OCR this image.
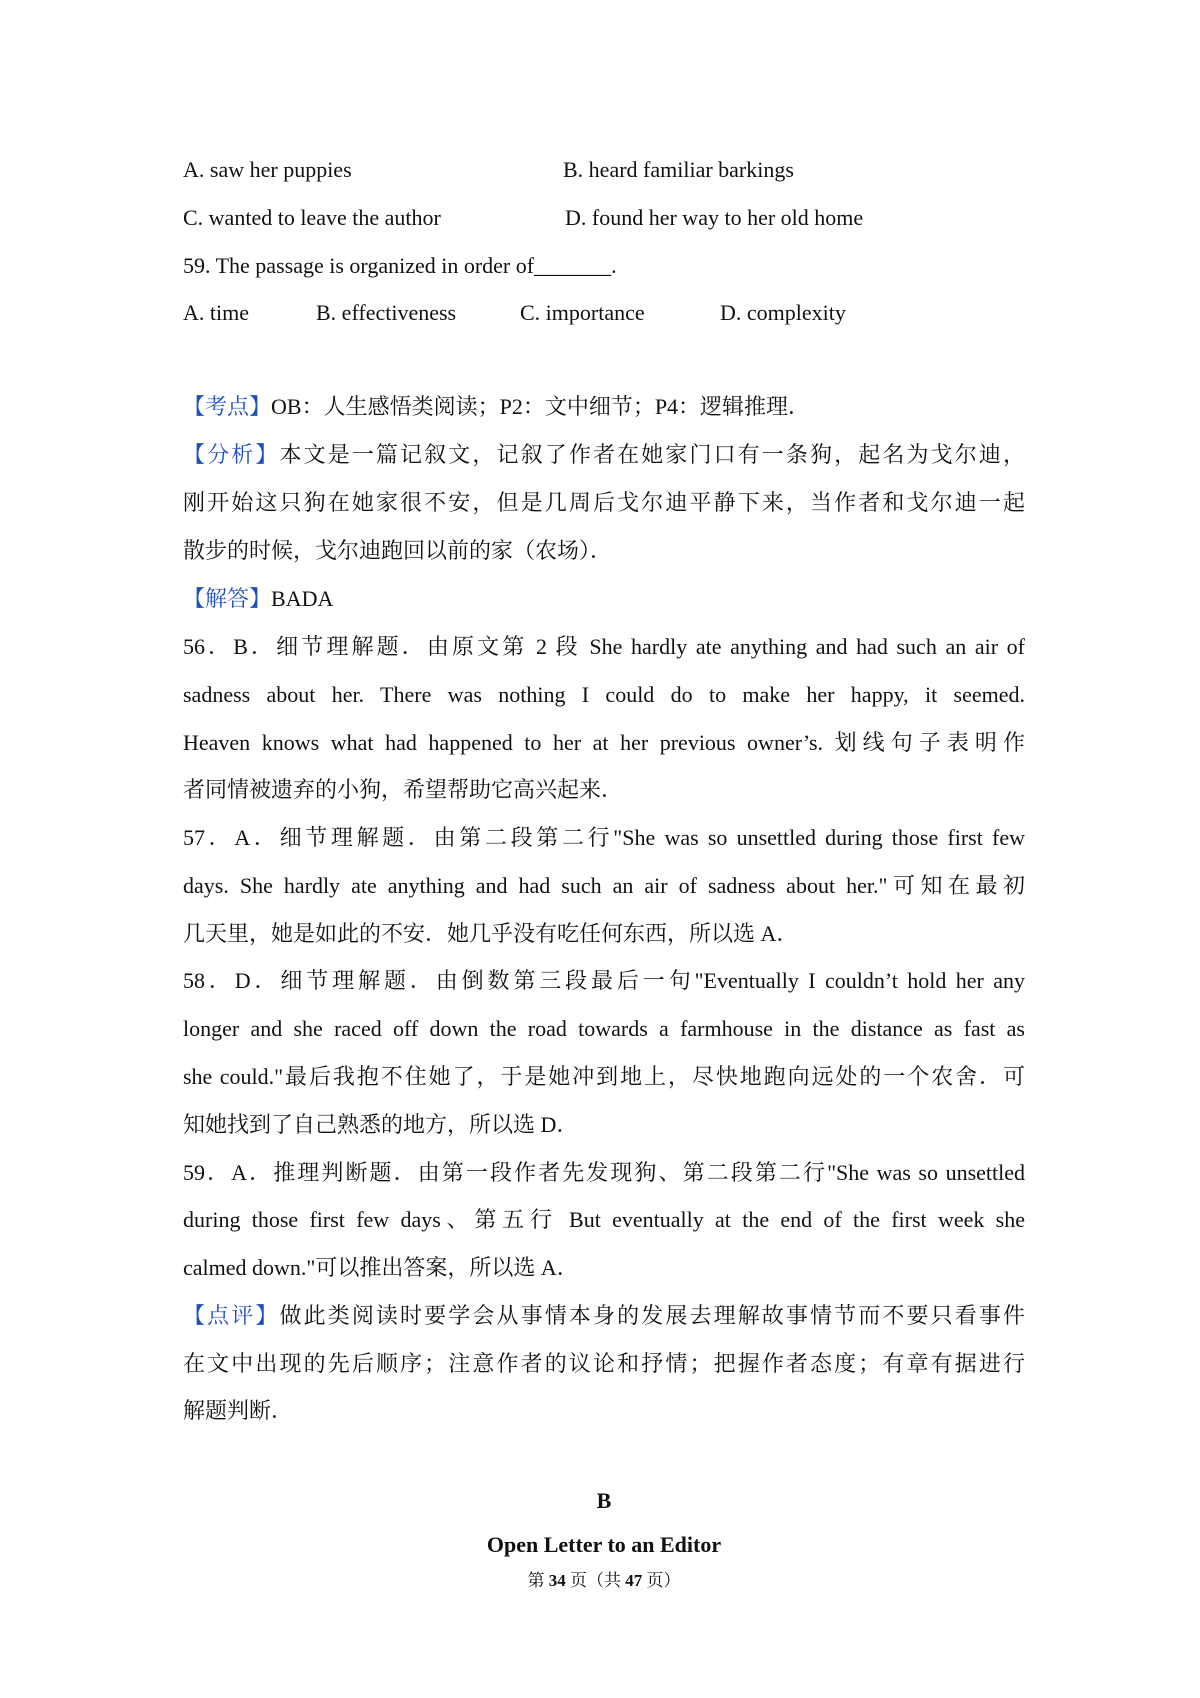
A. saw her puppies	B. heard familiar barkings
C. wanted to leave the author	D. found her way to her old home
59. The passage is organized in order of_______.
A. time	B. effectiveness	C. importance	D. complexity
【考点】OB：人生感悟类阅读；P2：文中细节；P4：逻辑推理．
【分析】本文是一篇记叙文，记叙了作者在她家门口有一条狗，起名为戈尔迪，
刚开始这只狗在她家很不安，但是几周后戈尔迪平静下来，当作者和戈尔迪一起
散步的时候，戈尔迪跑回以前的家（农场）．
【解答】BADA
56．B．细节理解题．由原文第 2 段 She hardly ate anything and had such an air of
sadness about her. There was nothing I could do to make her happy, it seemed.
Heaven knows what had happened to her at her previous owner’s. 划线句子表明作
者同情被遗弃的小狗，希望帮助它高兴起来．
57．A．细节理解题．由第二段第二行"She was so unsettled during those first few
days. She hardly ate anything and had such an air of sadness about her."可知在最初
几天里，她是如此的不安．她几乎没有吃任何东西，所以选 A．
58．D．细节理解题．由倒数第三段最后一句"Eventually I couldn’t hold her any
longer and she raced off down the road towards a farmhouse in the distance as fast as
she could."最后我抱不住她了，于是她冲到地上，尽快地跑向远处的一个农舍．可
知她找到了自己熟悉的地方，所以选 D．
59．A．推理判断题．由第一段作者先发现狗、第二段第二行"She was so unsettled
during those first few days、第五行 But eventually at the end of the first week she
calmed down."可以推出答案，所以选 A．
【点评】做此类阅读时要学会从事情本身的发展去理解故事情节而不要只看事件
在文中出现的先后顺序；注意作者的议论和抒情；把握作者态度；有章有据进行
解题判断．
B
Open Letter to an Editor
第 34 页（共 47 页）
